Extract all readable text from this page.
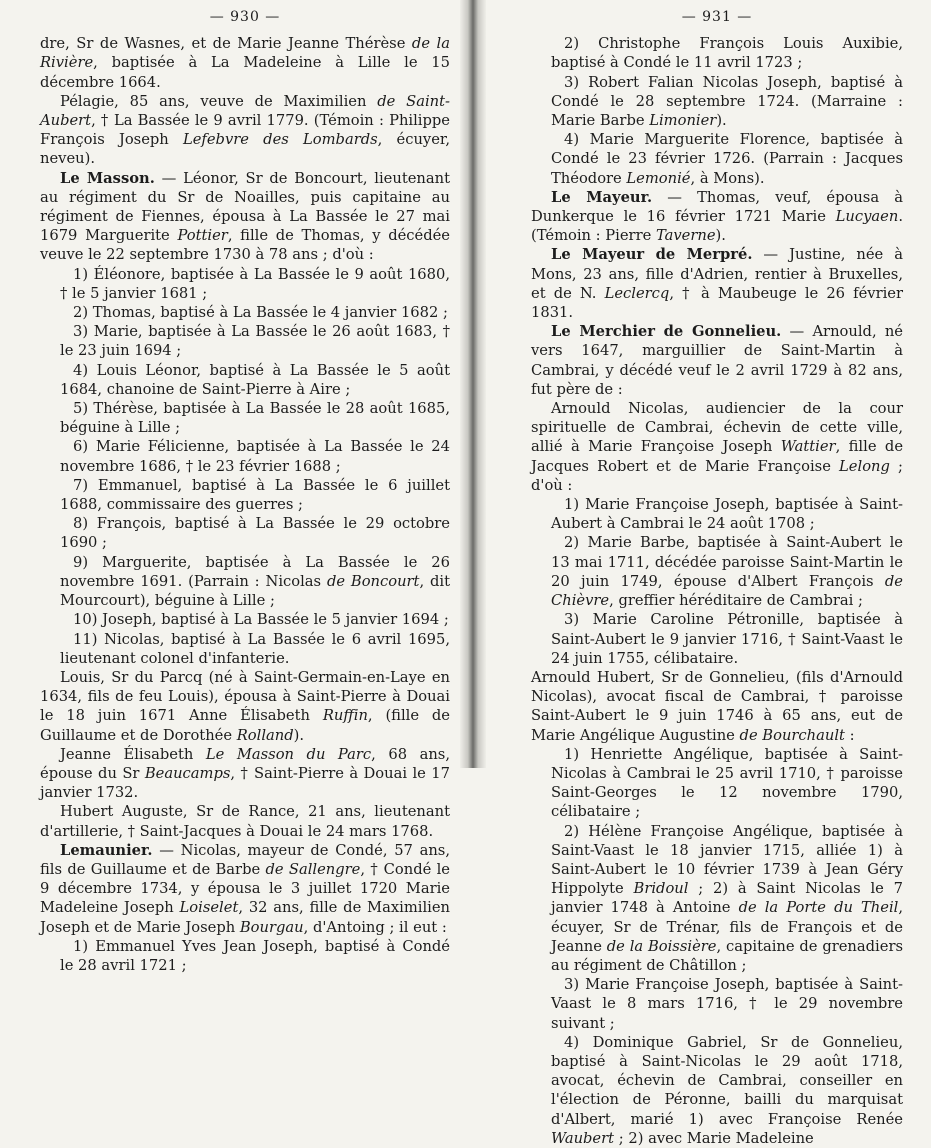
— 930 —
dre, Sr de Wasnes, et de Marie Jeanne Thérèse de la Rivière, baptisée à La Madeleine à Lille le 15 décembre 1664.
Pélagie, 85 ans, veuve de Maximilien de Saint-Aubert, † La Bassée le 9 avril 1779. (Témoin : Philippe François Joseph Lefebvre des Lombards, écuyer, neveu).
Le Masson. — Léonor, Sr de Boncourt, lieutenant au régiment du Sr de Noailles, puis capitaine au régiment de Fiennes, épousa à La Bassée le 27 mai 1679 Marguerite Pottier, fille de Thomas, y décédée veuve le 22 septembre 1730 à 78 ans ; d'où :
1) Éléonore, baptisée à La Bassée le 9 août 1680, † le 5 janvier 1681 ;
2) Thomas, baptisé à La Bassée le 4 janvier 1682 ;
3) Marie, baptisée à La Bassée le 26 août 1683, † le 23 juin 1694 ;
4) Louis Léonor, baptisé à La Bassée le 5 août 1684, chanoine de Saint-Pierre à Aire ;
5) Thérèse, baptisée à La Bassée le 28 août 1685, béguine à Lille ;
6) Marie Félicienne, baptisée à La Bassée le 24 novembre 1686, † le 23 février 1688 ;
7) Emmanuel, baptisé à La Bassée le 6 juillet 1688, commissaire des guerres ;
8) François, baptisé à La Bassée le 29 octobre 1690 ;
9) Marguerite, baptisée à La Bassée le 26 novembre 1691. (Parrain : Nicolas de Boncourt, dit Mourcourt), béguine à Lille ;
10) Joseph, baptisé à La Bassée le 5 janvier 1694 ;
11) Nicolas, baptisé à La Bassée le 6 avril 1695, lieutenant colonel d'infanterie.
Louis, Sr du Parcq (né à Saint-Germain-en-Laye en 1634, fils de feu Louis), épousa à Saint-Pierre à Douai le 18 juin 1671 Anne Élisabeth Ruffin, (fille de Guillaume et de Dorothée Rolland).
Jeanne Élisabeth Le Masson du Parc, 68 ans, épouse du Sr Beaucamps, † Saint-Pierre à Douai le 17 janvier 1732.
Hubert Auguste, Sr de Rance, 21 ans, lieutenant d'artillerie, † Saint-Jacques à Douai le 24 mars 1768.
Lemaunier. — Nicolas, mayeur de Condé, 57 ans, fils de Guillaume et de Barbe de Sallengre, † Condé le 9 décembre 1734, y épousa le 3 juillet 1720 Marie Madeleine Joseph Loiselet, 32 ans, fille de Maximilien Joseph et de Marie Joseph Bourgau, d'Antoing ; il eut :
1) Emmanuel Yves Jean Joseph, baptisé à Condé le 28 avril 1721 ;
— 931 —
2) Christophe François Louis Auxibie, baptisé à Condé le 11 avril 1723 ;
3) Robert Falian Nicolas Joseph, baptisé à Condé le 28 septembre 1724. (Marraine : Marie Barbe Limonier).
4) Marie Marguerite Florence, baptisée à Condé le 23 février 1726. (Parrain : Jacques Théodore Lemonié, à Mons).
Le Mayeur. — Thomas, veuf, épousa à Dunkerque le 16 février 1721 Marie Lucyaen. (Témoin : Pierre Taverne).
Le Mayeur de Merpré. — Justine, née à Mons, 23 ans, fille d'Adrien, rentier à Bruxelles, et de N. Leclercq, † à Maubeuge le 26 février 1831.
Le Merchier de Gonnelieu. — Arnould, né vers 1647, marguillier de Saint-Martin à Cambrai, y décédé veuf le 2 avril 1729 à 82 ans, fut père de :
Arnould Nicolas, audiencier de la cour spirituelle de Cambrai, échevin de cette ville, allié à Marie Françoise Joseph Wattier, fille de Jacques Robert et de Marie Françoise Lelong ; d'où :
1) Marie Françoise Joseph, baptisée à Saint-Aubert à Cambrai le 24 août 1708 ;
2) Marie Barbe, baptisée à Saint-Aubert le 13 mai 1711, décédée paroisse Saint-Martin le 20 juin 1749, épouse d'Albert François de Chièvre, greffier héréditaire de Cambrai ;
3) Marie Caroline Pétronille, baptisée à Saint-Aubert le 9 janvier 1716, † Saint-Vaast le 24 juin 1755, célibataire.
Arnould Hubert, Sr de Gonnelieu, (fils d'Arnould Nicolas), avocat fiscal de Cambrai, † paroisse Saint-Aubert le 9 juin 1746 à 65 ans, eut de Marie Angélique Augustine de Bourchault :
1) Henriette Angélique, baptisée à Saint-Nicolas à Cambrai le 25 avril 1710, † paroisse Saint-Georges le 12 novembre 1790, célibataire ;
2) Hélène Françoise Angélique, baptisée à Saint-Vaast le 18 janvier 1715, alliée 1) à Saint-Aubert le 10 février 1739 à Jean Géry Hippolyte Bridoul ; 2) à Saint Nicolas le 7 janvier 1748 à Antoine de la Porte du Theil, écuyer, Sr de Trénar, fils de François et de Jeanne de la Boissière, capitaine de grenadiers au régiment de Châtillon ;
3) Marie Françoise Joseph, baptisée à Saint-Vaast le 8 mars 1716, † le 29 novembre suivant ;
4) Dominique Gabriel, Sr de Gonnelieu, baptisé à Saint-Nicolas le 29 août 1718, avocat, échevin de Cambrai, conseiller en l'élection de Péronne, bailli du marquisat d'Albert, marié 1) avec Françoise Renée Waubert ; 2) avec Marie Madeleine
